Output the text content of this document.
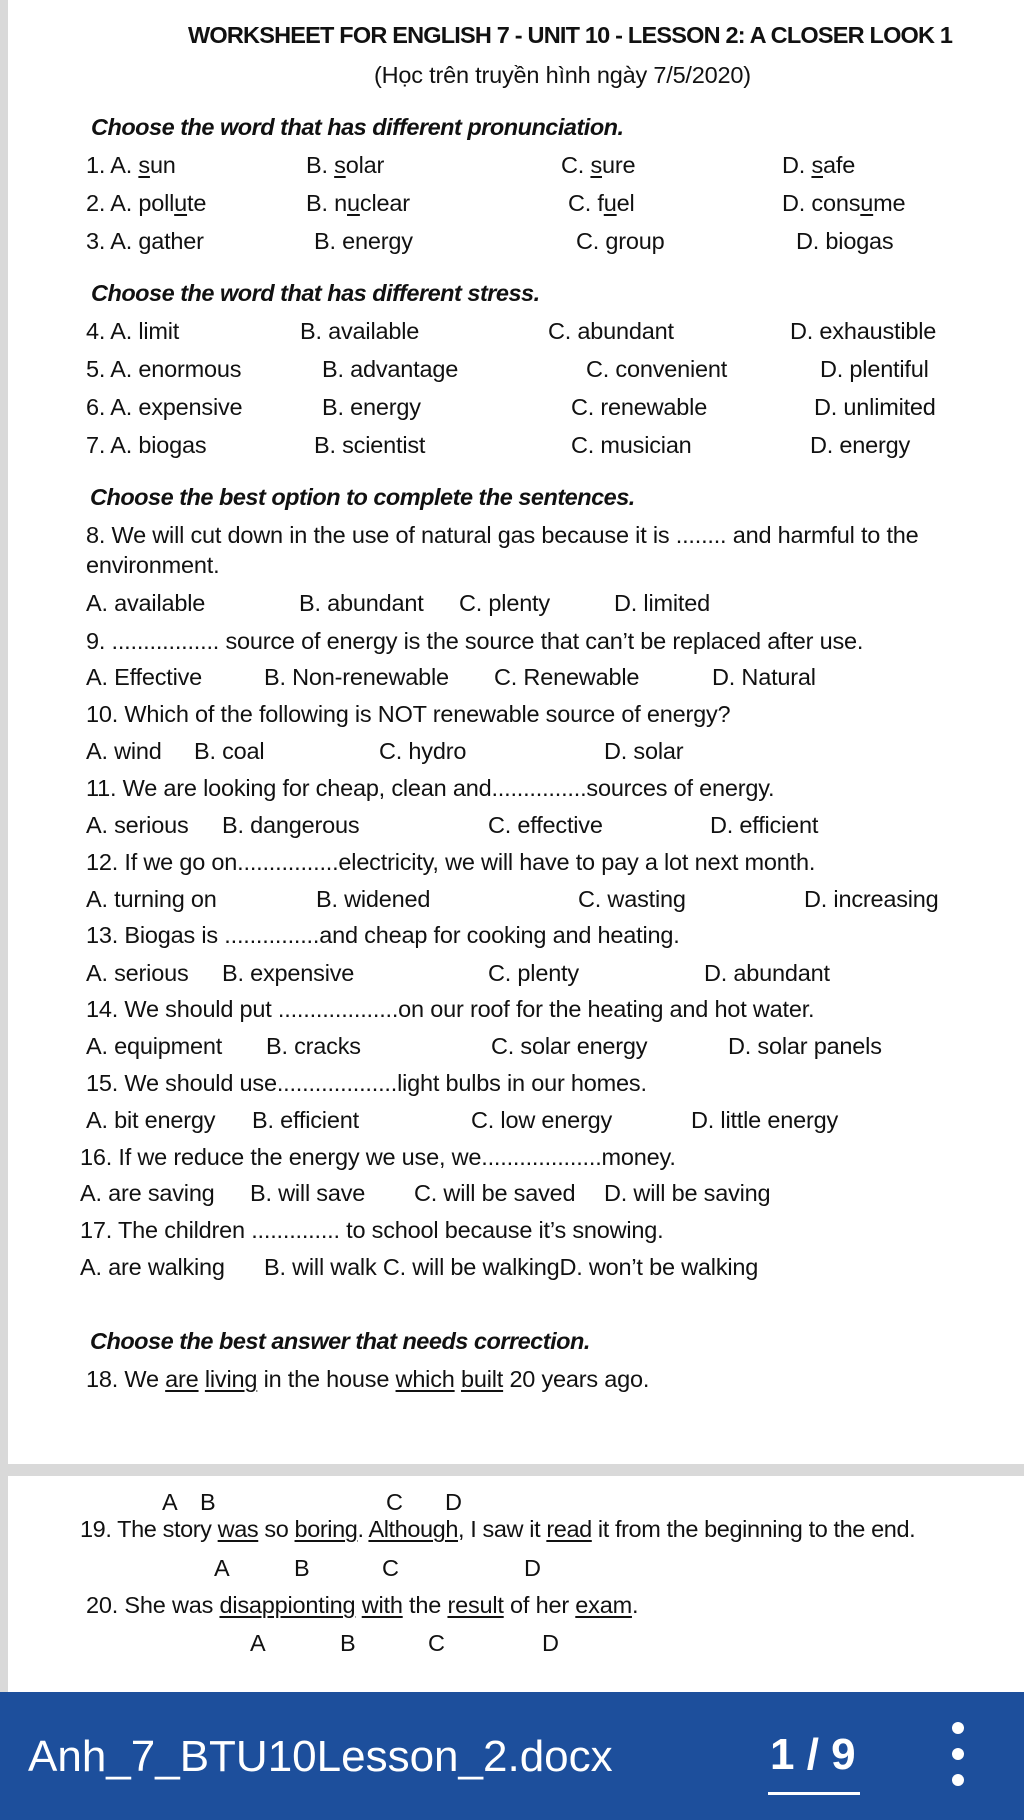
WORKSHEET FOR ENGLISH 7 - UNIT 10 - LESSON 2: A CLOSER LOOK 1
(Học trên truyền hình ngày 7/5/2020)
Choose the word that has different pronunciation.
1. A. sun	B. solar	C. sure	D. safe
2. A. pollute	B. nuclear	C. fuel	D. consume
3. A. gather	B. energy	C. group	D. biogas
Choose the word that has different stress.
4. A. limit	B. available	C. abundant	D. exhaustible
5. A. enormous	B. advantage	C. convenient	D. plentiful
6. A. expensive	B. energy	C. renewable	D. unlimited
7. A. biogas	B. scientist	C. musician	D. energy
Choose the best option to complete the sentences.
8. We will cut down in the use of natural gas because it is ........ and harmful to the
environment.
A. available	B. abundant C. plenty	D. limited
9. ................. source of energy is the source that can’t be replaced after use.
A. Effective	B. Non-renewable C. Renewable	D. Natural
10. Which of the following is NOT renewable source of energy?
A. wind B. coal	C. hydro	D. solar
11. We are looking for cheap, clean and...............sources of energy.
A. serious B. dangerous	C. effective	D. efficient
12. If we go on................electricity, we will have to pay a lot next month.
A. turning on	B. widened	C. wasting	D. increasing
13. Biogas is ...............and cheap for cooking and heating.
A. serious B. expensive	C. plenty	D. abundant
14. We should put ...................on our roof for the heating and hot water.
A. equipment B. cracks	C. solar energy	D. solar panels
15. We should use...................light bulbs in our homes.
A. bit energy B. efficient	C. low energy	D. little energy
16. If we reduce the energy we use, we...................money.
A. are saving B. will save C. will be saved D. will be saving
17. The children .............. to school because it’s snowing.
A. are walking B. will walk C. will be walkingD. won’t be walking
Choose the best answer that needs correction.
18. We are living in the house which built 20 years ago.
A B	C D
19. The story was so boring. Although, I saw it read it from the beginning to the end.
A	B	C	D
20. She was disappionting with the result of her exam.
A	B	C	D
Anh_7_BTU10Lesson_2.docx	1 / 9
